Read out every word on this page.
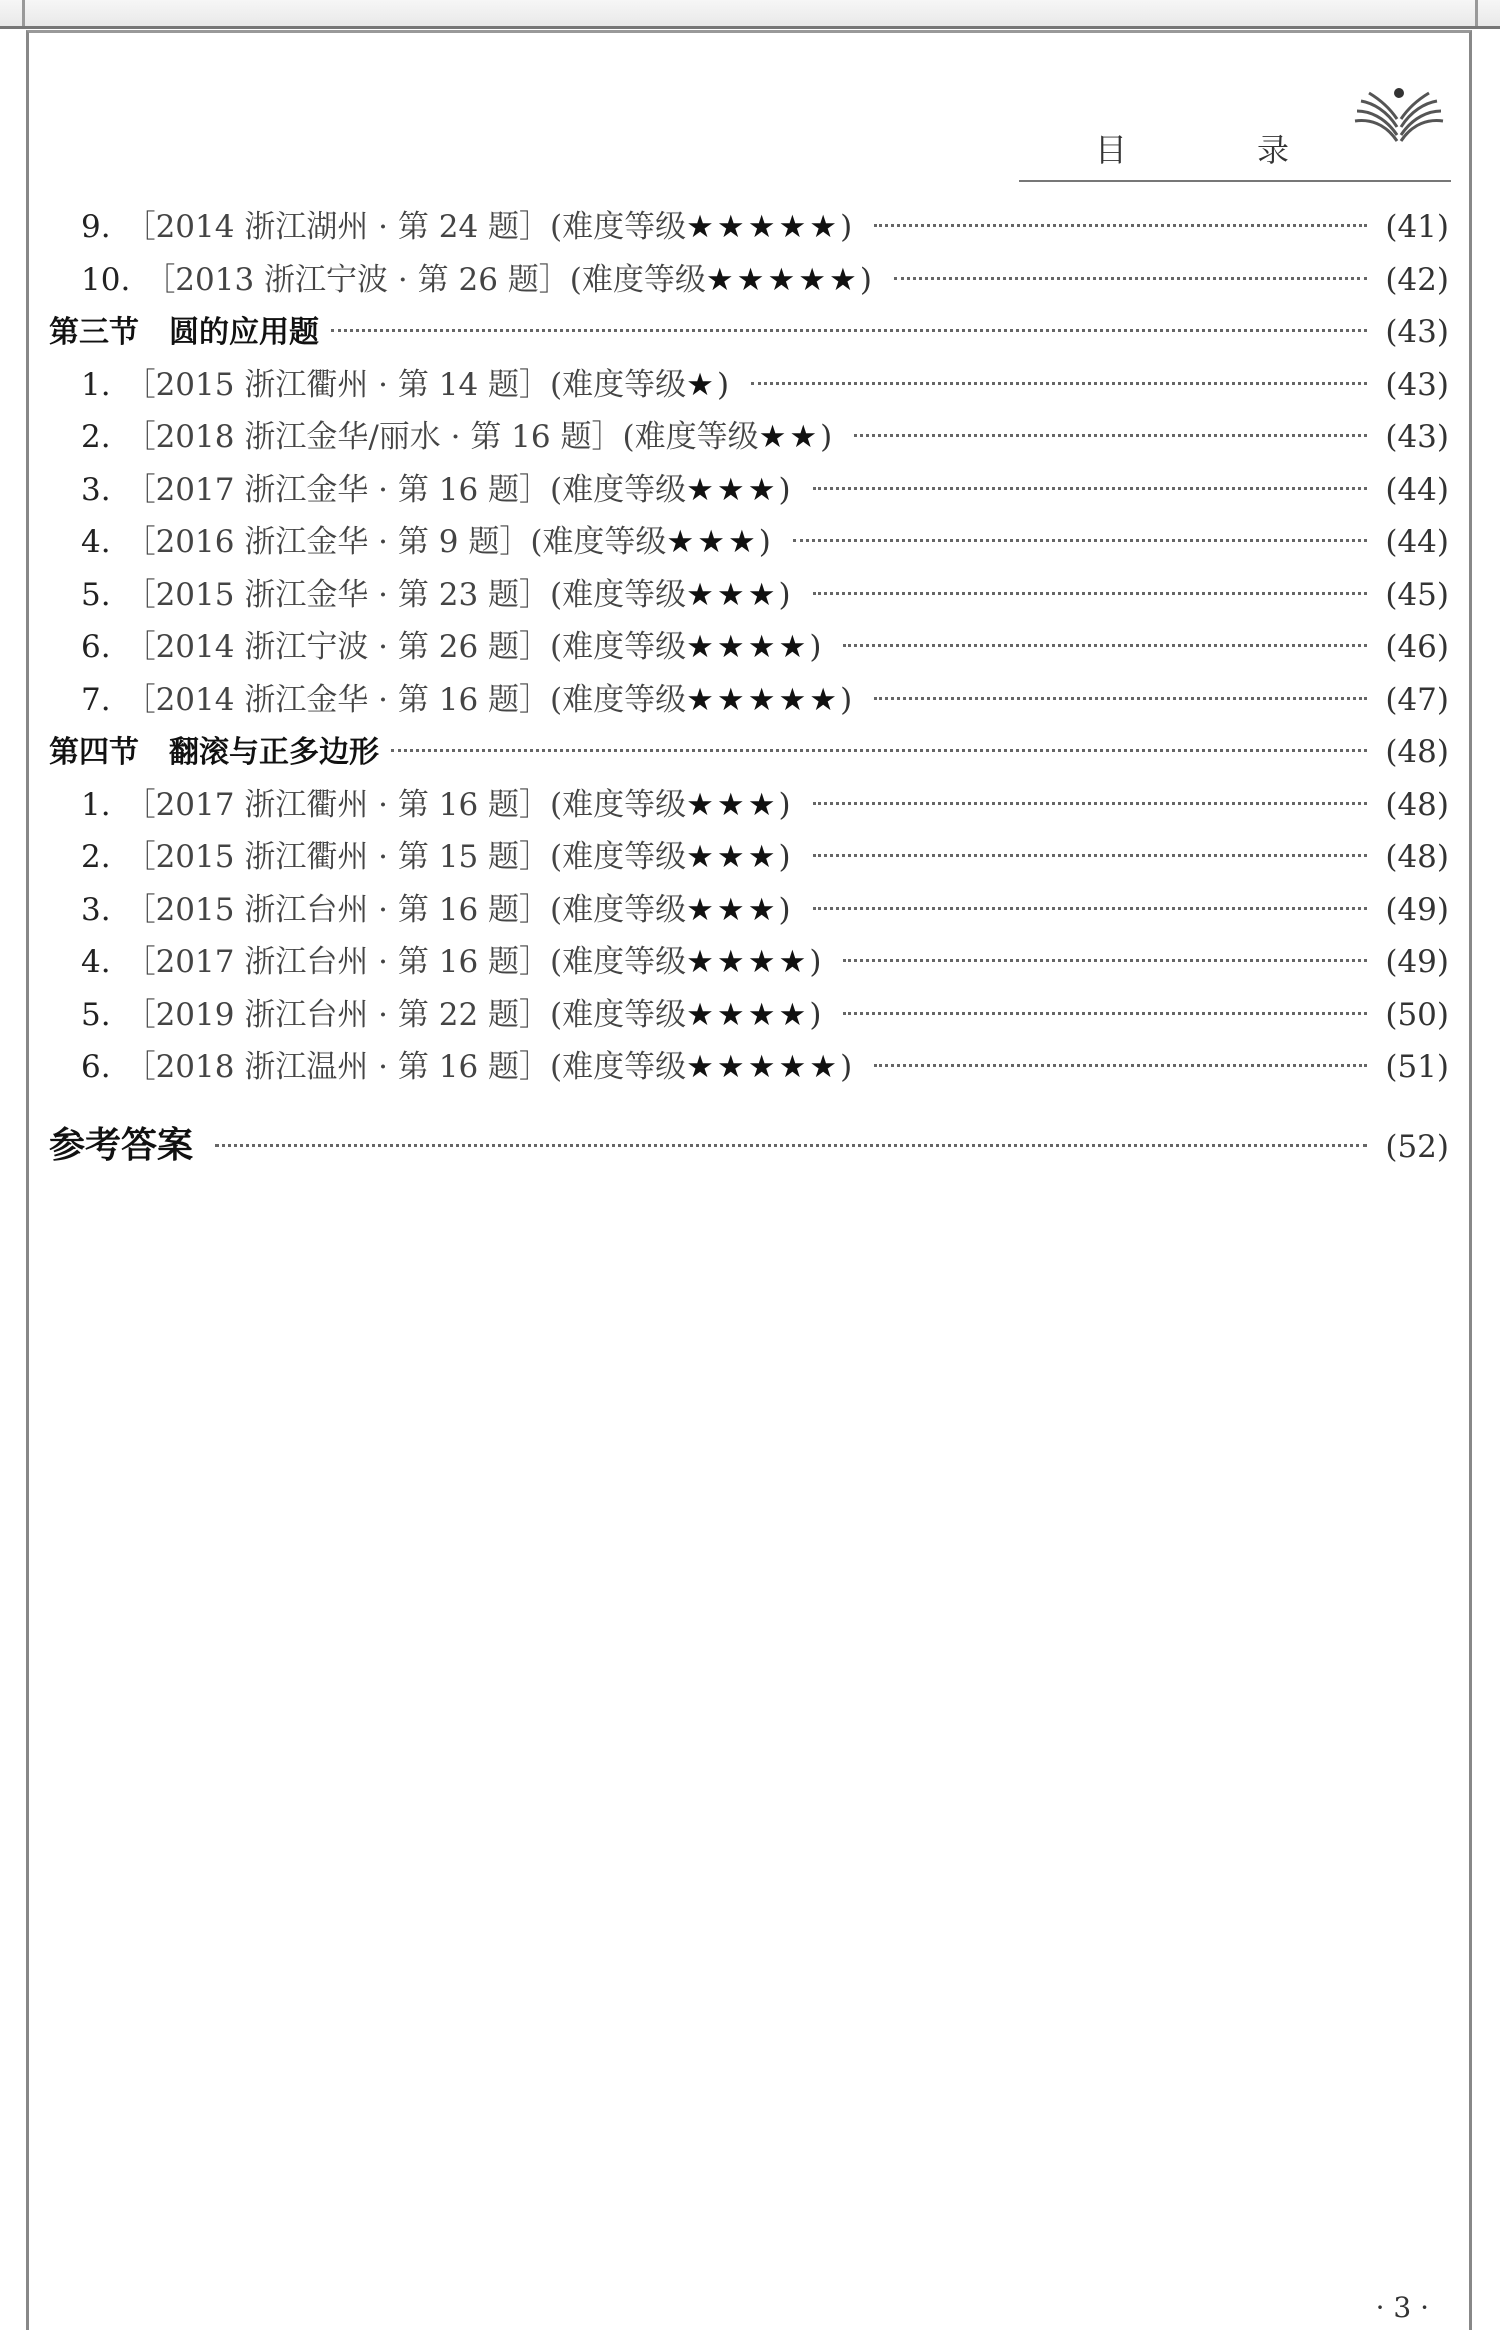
目 录
9. ［2014 浙江湖州 · 第 24 题］(难度等级 ★★★★★ )	(41)
10. ［2013 浙江宁波 · 第 26 题］(难度等级 ★★★★★ )	(42)
第三节　圆的应用题	(43)
1. ［2015 浙江衢州 · 第 14 题］(难度等级 ★ )	(43)
2. ［2018 浙江金华/丽水 · 第 16 题］(难度等级 ★★ )	(43)
3. ［2017 浙江金华 · 第 16 题］(难度等级 ★★★ )	(44)
4. ［2016 浙江金华 · 第 9 题］(难度等级 ★★★ )	(44)
5. ［2015 浙江金华 · 第 23 题］(难度等级 ★★★ )	(45)
6. ［2014 浙江宁波 · 第 26 题］(难度等级 ★★★★ )	(46)
7. ［2014 浙江金华 · 第 16 题］(难度等级 ★★★★★ )	(47)
第四节　翻滚与正多边形	(48)
1. ［2017 浙江衢州 · 第 16 题］(难度等级 ★★★ )	(48)
2. ［2015 浙江衢州 · 第 15 题］(难度等级 ★★★ )	(48)
3. ［2015 浙江台州 · 第 16 题］(难度等级 ★★★ )	(49)
4. ［2017 浙江台州 · 第 16 题］(难度等级 ★★★★ )	(49)
5. ［2019 浙江台州 · 第 22 题］(难度等级 ★★★★ )	(50)
6. ［2018 浙江温州 · 第 16 题］(难度等级 ★★★★★ )	(51)
参考答案	(52)
· 3 ·
